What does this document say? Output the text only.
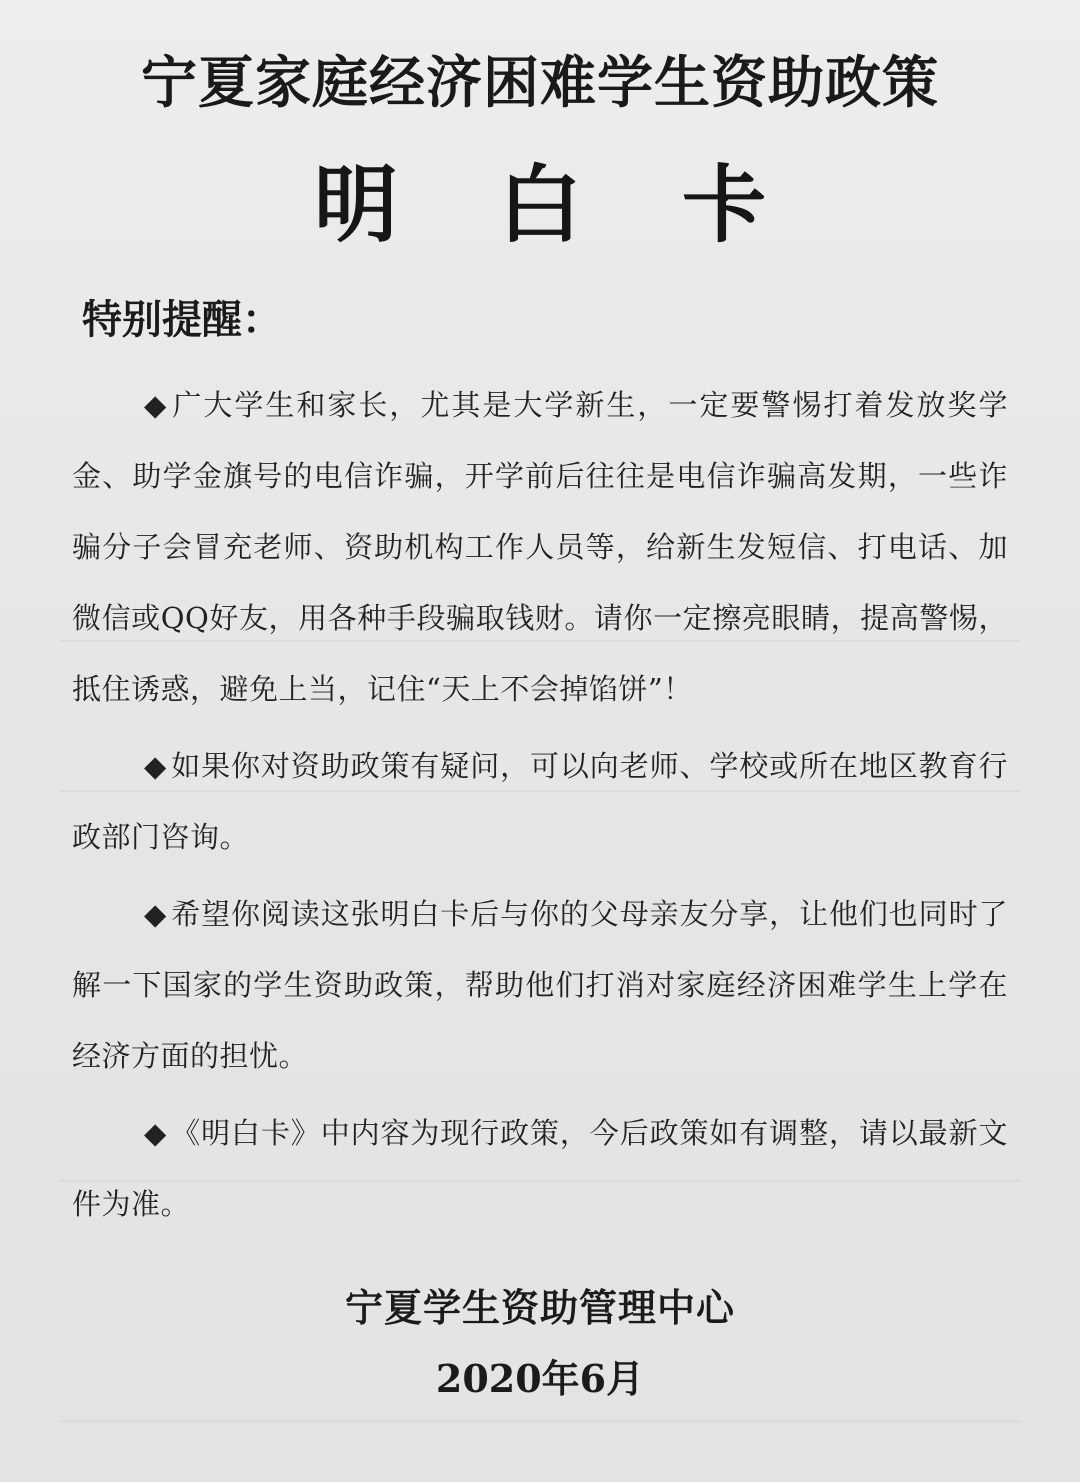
宁夏家庭经济困难学生资助政策
明白卡
特别提醒：

◆ 广大学生和家长，尤其是大学新生，一定要警惕打着发放奖学金、助学金旗号的电信诈骗，开学前后往往是电信诈骗高发期，一些诈骗分子会冒充老师、资助机构工作人员等，给新生发短信、打电话、加微信或QQ好友，用各种手段骗取钱财。请你一定擦亮眼睛，提高警惕，抵住诱惑，避免上当，记住“天上不会掉馅饼”！

◆ 如果你对资助政策有疑问，可以向老师、学校或所在地区教育行政部门咨询。

◆ 希望你阅读这张明白卡后与你的父母亲友分享，让他们也同时了解一下国家的学生资助政策，帮助他们打消对家庭经济困难学生上学在经济方面的担忧。

◆ 《明白卡》中内容为现行政策，今后政策如有调整，请以最新文件为准。

宁夏学生资助管理中心
2020年6月
